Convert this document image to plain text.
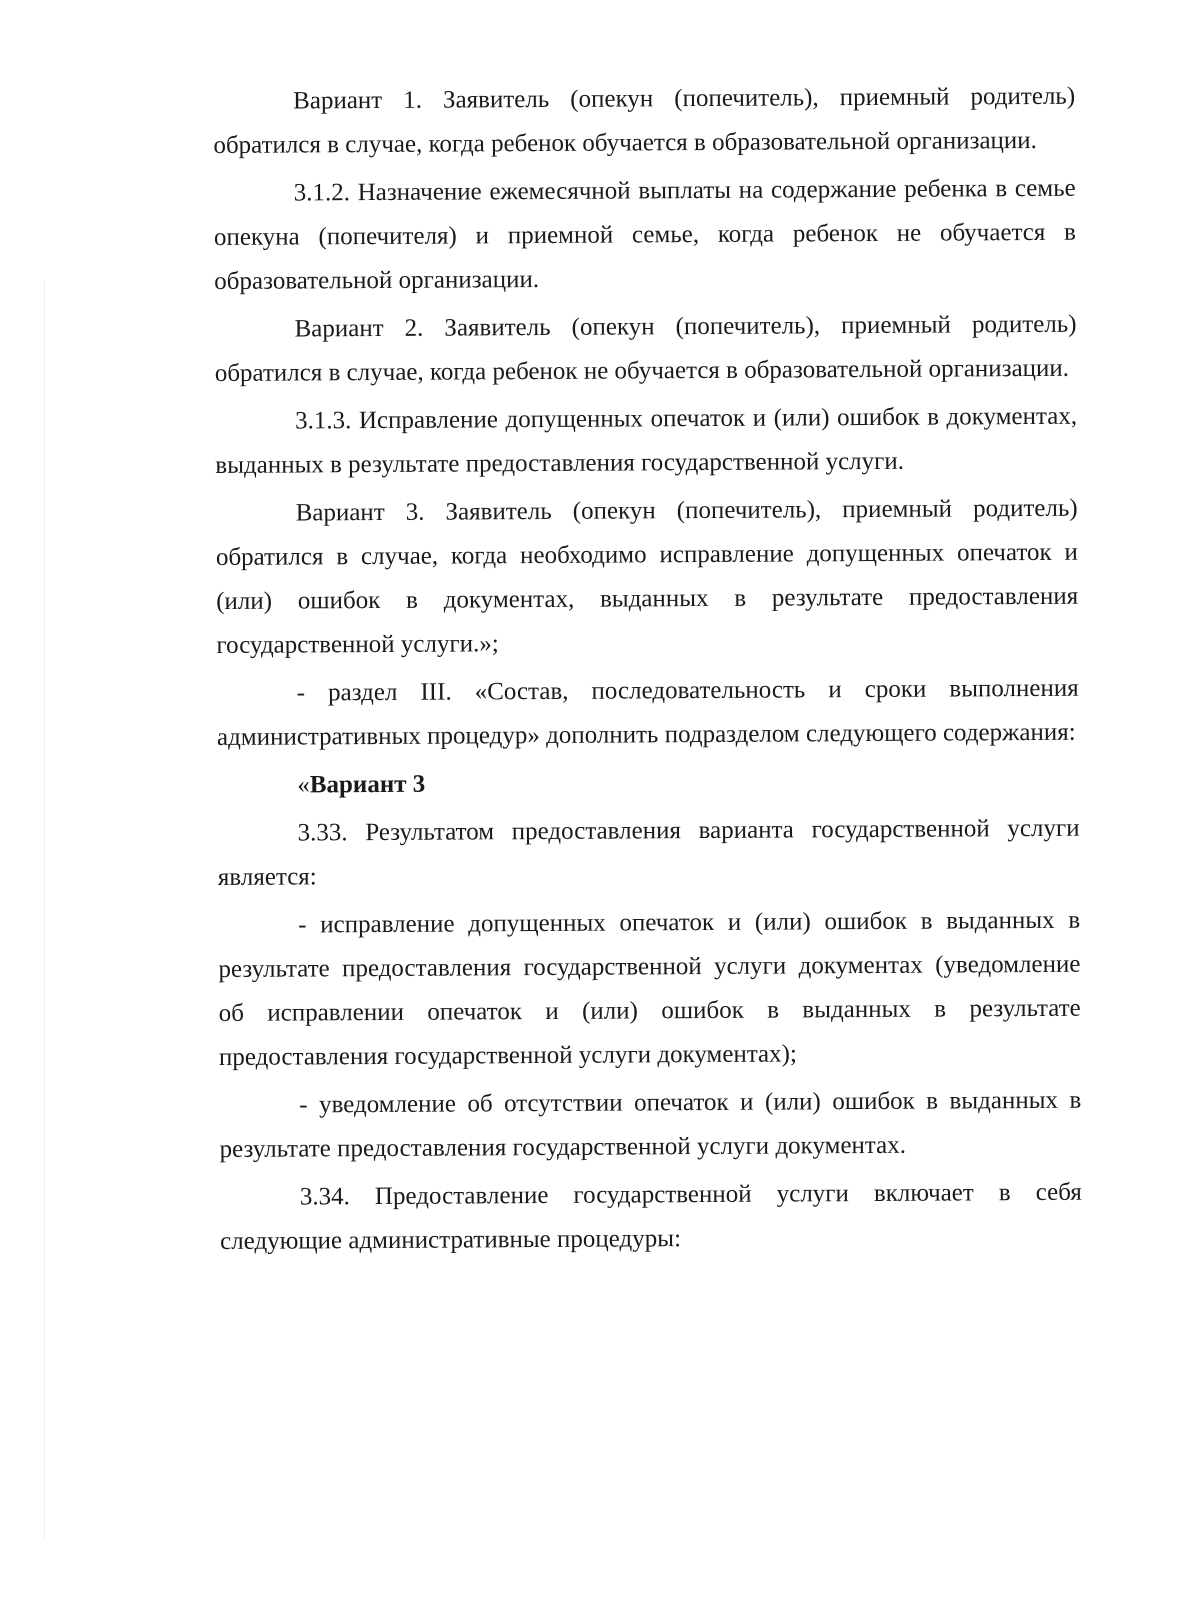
Вариант 1. Заявитель (опекун (попечитель), приемный родитель) обратился в случае, когда ребенок обучается в образовательной организации.

3.1.2. Назначение ежемесячной выплаты на содержание ребенка в семье опекуна (попечителя) и приемной семье, когда ребенок не обучается в образовательной организации.

Вариант 2. Заявитель (опекун (попечитель), приемный родитель) обратился в случае, когда ребенок не обучается в образовательной организации.

3.1.3. Исправление допущенных опечаток и (или) ошибок в документах, выданных в результате предоставления государственной услуги.

Вариант 3. Заявитель (опекун (попечитель), приемный родитель) обратился в случае, когда необходимо исправление допущенных опечаток и (или) ошибок в документах, выданных в результате предоставления государственной услуги.»;

- раздел III. «Состав, последовательность и сроки выполнения административных процедур» дополнить подразделом следующего содержания:

«Вариант 3

3.33. Результатом предоставления варианта государственной услуги является:

- исправление допущенных опечаток и (или) ошибок в выданных в результате предоставления государственной услуги документах (уведомление об исправлении опечаток и (или) ошибок в выданных в результате предоставления государственной услуги документах);

- уведомление об отсутствии опечаток и (или) ошибок в выданных в результате предоставления государственной услуги документах.

3.34. Предоставление государственной услуги включает в себя следующие административные процедуры:
